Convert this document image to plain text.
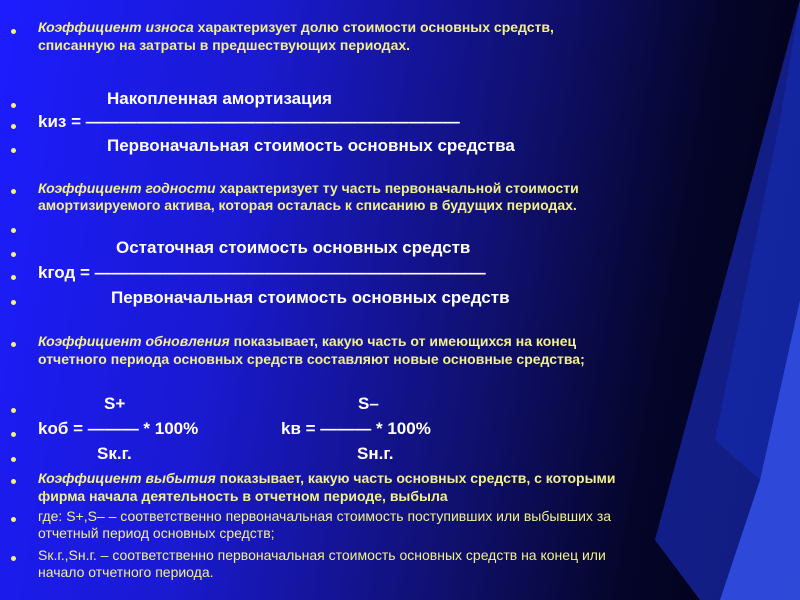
Коэффициент износа характеризует долю стоимости основных средств,
списанную на затраты в предшествующих периодах.
Накопленная амортизация
kиз = ——————————————————————
Первоначальная стоимость основных средства
Коэффициент годности характеризует ту часть первоначальной стоимости
амортизируемого актива, которая осталась к списанию в будущих периодах.
Остаточная стоимость основных средств
kгод = ———————————————————————
Первоначальная стоимость основных средств
Коэффициент обновления показывает, какую часть от имеющихся на конец
отчетного периода основных средств составляют новые основные средства;
S+	S–
kоб = ——— * 100%	kв = ——— * 100%
Sк.г.	Sн.г.
Коэффициент выбытия показывает, какую часть основных средств, с которыми
фирма начала деятельность в отчетном периоде, выбыла
где: S+,S– – соответственно первоначальная стоимость поступивших или выбывших за
отчетный период основных средств;
Sк.г.,Sн.г. – соответственно первоначальная стоимость основных средств на конец или
начало отчетного периода.
